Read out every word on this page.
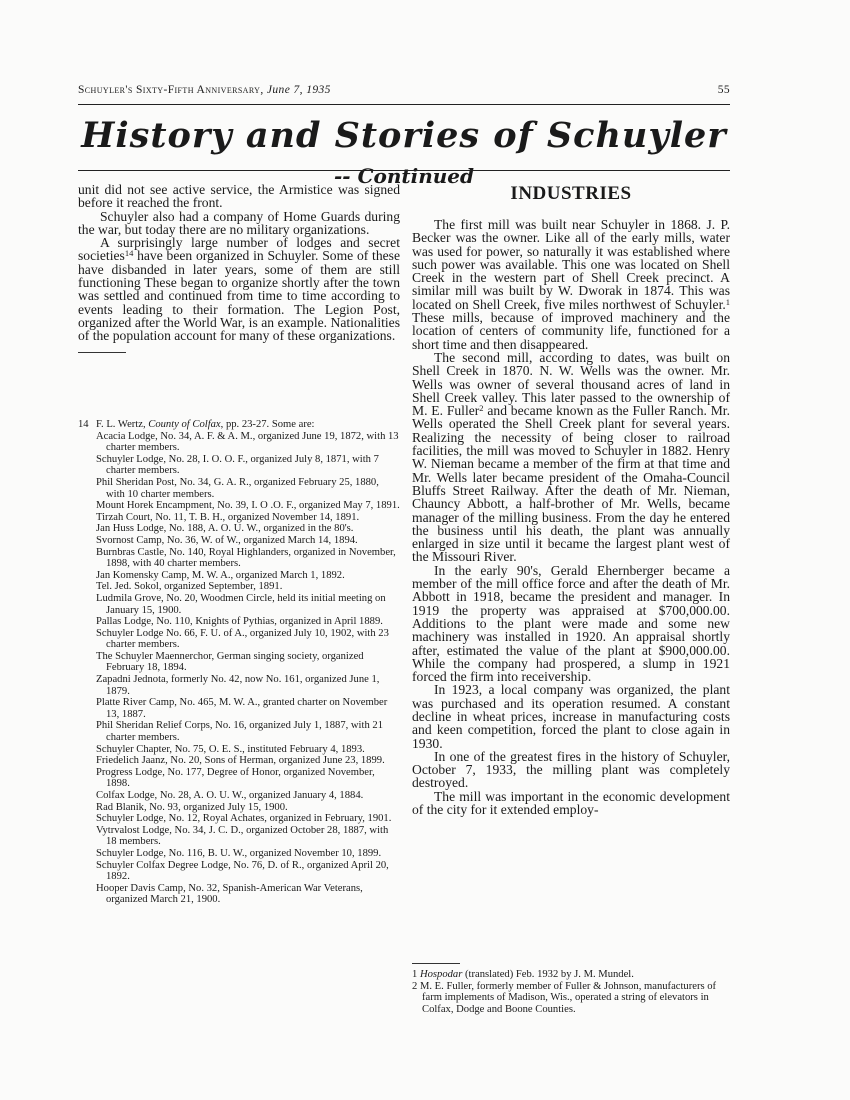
Schuyler's Sixty-Fifth Anniversary, June 7, 1935	55
History and Stories of Schuyler -- Continued

unit did not see active service, the Armistice was signed before it reached the front.

Schuyler also had a company of Home Guards during the war, but today there are no military organizations.

A surprisingly large number of lodges and secret societies$^{14}$ have been organized in Schuyler. Some of these have disbanded in later years, some of them are still functioning These began to organize shortly after the town was settled and continued from time to time according to events leading to their formation. The Legion Post, organized after the World War, is an example. Nationalities of the population account for many of these organizations.

14 F. L. Wertz, County of Colfax, pp. 23-27. Some are:
Acacia Lodge, No. 34, A. F. & A. M., organized June 19, 1872, with 13 charter members.
Schuyler Lodge, No. 28, I. O. O. F., organized July 8, 1871, with 7 charter members.
Phil Sheridan Post, No. 34, G. A. R., organized February 25, 1880, with 10 charter members.
Mount Horek Encampment, No. 39, I. O .O. F., organized May 7, 1891.
Tirzah Court, No. 11, T. B. H., organized November 14, 1891.
Jan Huss Lodge, No. 188, A. O. U. W., organized in the 80's.
Svornost Camp, No. 36, W. of W., organized March 14, 1894.
Burnbras Castle, No. 140, Royal Highlanders, organized in November, 1898, with 40 charter members.
Jan Komensky Camp, M. W. A., organized March 1, 1892.
Tel. Jed. Sokol, organized September, 1891.
Ludmila Grove, No. 20, Woodmen Circle, held its initial meeting on January 15, 1900.
Pallas Lodge, No. 110, Knights of Pythias, organized in April 1889.
Schuyler Lodge No. 66, F. U. of A., organized July 10, 1902, with 23 charter members.
The Schuyler Maennerchor, German singing society, organized February 18, 1894.
Zapadni Jednota, formerly No. 42, now No. 161, organized June 1, 1879.
Platte River Camp, No. 465, M. W. A., granted charter on November 13, 1887.
Phil Sheridan Relief Corps, No. 16, organized July 1, 1887, with 21 charter members.
Schuyler Chapter, No. 75, O. E. S., instituted February 4, 1893.
Friedelich Jaanz, No. 20, Sons of Herman, organized June 23, 1899.
Progress Lodge, No. 177, Degree of Honor, organized November, 1898.
Colfax Lodge, No. 28, A. O. U. W., organized January 4, 1884.
Rad Blanik, No. 93, organized July 15, 1900.
Schuyler Lodge, No. 12, Royal Achates, organized in February, 1901.
Vytrvalost Lodge, No. 34, J. C. D., organized October 28, 1887, with 18 members.
Schuyler Lodge, No. 116, B. U. W., organized November 10, 1899.
Schuyler Colfax Degree Lodge, No. 76, D. of R., organized April 20, 1892.
Hooper Davis Camp, No. 32, Spanish-American War Veterans, organized March 21, 1900.
INDUSTRIES

The first mill was built near Schuyler in 1868. J. P. Becker was the owner. Like all of the early mills, water was used for power, so naturally it was established where such power was available. This one was located on Shell Creek in the western part of Shell Creek precinct. A similar mill was built by W. Dworak in 1874. This was located on Shell Creek, five miles northwest of Schuyler.$^1$ These mills, because of improved machinery and the location of centers of community life, functioned for a short time and then disappeared.

The second mill, according to dates, was built on Shell Creek in 1870. N. W. Wells was the owner. Mr. Wells was owner of several thousand acres of land in Shell Creek valley. This later passed to the ownership of M. E. Fuller$^2$ and became known as the Fuller Ranch. Mr. Wells operated the Shell Creek plant for several years. Realizing the necessity of being closer to railroad facilities, the mill was moved to Schuyler in 1882. Henry W. Nieman became a member of the firm at that time and Mr. Wells later became president of the Omaha-Council Bluffs Street Railway. After the death of Mr. Nieman, Chauncy Abbott, a half-brother of Mr. Wells, became manager of the milling business. From the day he entered the business until his death, the plant was annually enlarged in size until it became the largest plant west of the Missouri River.

In the early 90's, Gerald Ehernberger became a member of the mill office force and after the death of Mr. Abbott in 1918, became the president and manager. In 1919 the property was appraised at $700,000.00. Additions to the plant were made and some new machinery was installed in 1920. An appraisal shortly after, estimated the value of the plant at $900,000.00. While the company had prospered, a slump in 1921 forced the firm into receivership.

In 1923, a local company was organized, the plant was purchased and its operation resumed. A constant decline in wheat prices, increase in manufacturing costs and keen competition, forced the plant to close again in 1930.

In one of the greatest fires in the history of Schuyler, October 7, 1933, the milling plant was completely destroyed.

The mill was important in the economic development of the city for it extended employ-

1 Hospodar (translated) Feb. 1932 by J. M. Mundel.
2 M. E. Fuller, formerly member of Fuller & Johnson, manufacturers of farm implements of Madison, Wis., operated a string of elevators in Colfax, Dodge and Boone Counties.
